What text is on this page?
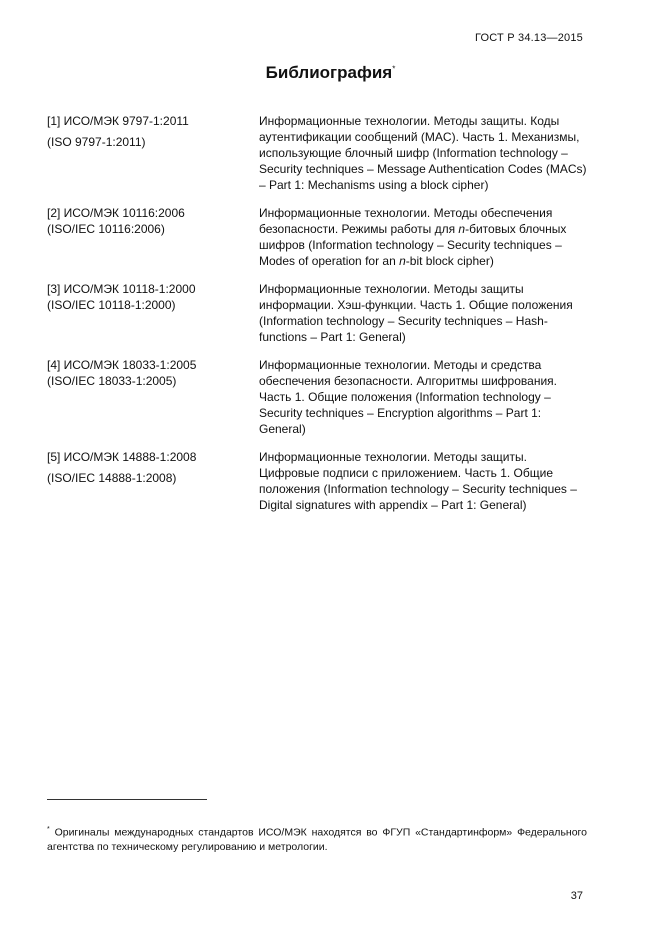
ГОСТ Р 34.13—2015
Библиография*
[1] ИСО/МЭК 9797-1:2011
(ISO 9797-1:2011)
Информационные технологии. Методы защиты. Коды аутентификации сообщений (MAC). Часть 1. Механизмы, использующие блочный шифр (Information technology – Security techniques – Message Authentication Codes (MACs) – Part 1: Mechanisms using a block cipher)
[2] ИСО/МЭК 10116:2006
(ISO/IEC 10116:2006)
Информационные технологии. Методы обеспечения безопасности. Режимы работы для n-битовых блочных шифров (Information technology – Security techniques – Modes of operation for an n-bit block cipher)
[3] ИСО/МЭК 10118-1:2000
(ISO/IEC 10118-1:2000)
Информационные технологии. Методы защиты информации. Хэш-функции. Часть 1. Общие положения (Information technology – Security techniques – Hash-functions – Part 1: General)
[4] ИСО/МЭК 18033-1:2005
(ISO/IEC 18033-1:2005)
Информационные технологии. Методы и средства обеспечения безопасности. Алгоритмы шифрования. Часть 1. Общие положения (Information technology – Security techniques – Encryption algorithms – Part 1: General)
[5] ИСО/МЭК 14888-1:2008
(ISO/IEC 14888-1:2008)
Информационные технологии. Методы защиты. Цифровые подписи с приложением. Часть 1. Общие положения (Information technology – Security techniques – Digital signatures with appendix – Part 1: General)
* Оригиналы международных стандартов ИСО/МЭК находятся во ФГУП «Стандартинформ» Федерального агентства по техническому регулированию и метрологии.
37
